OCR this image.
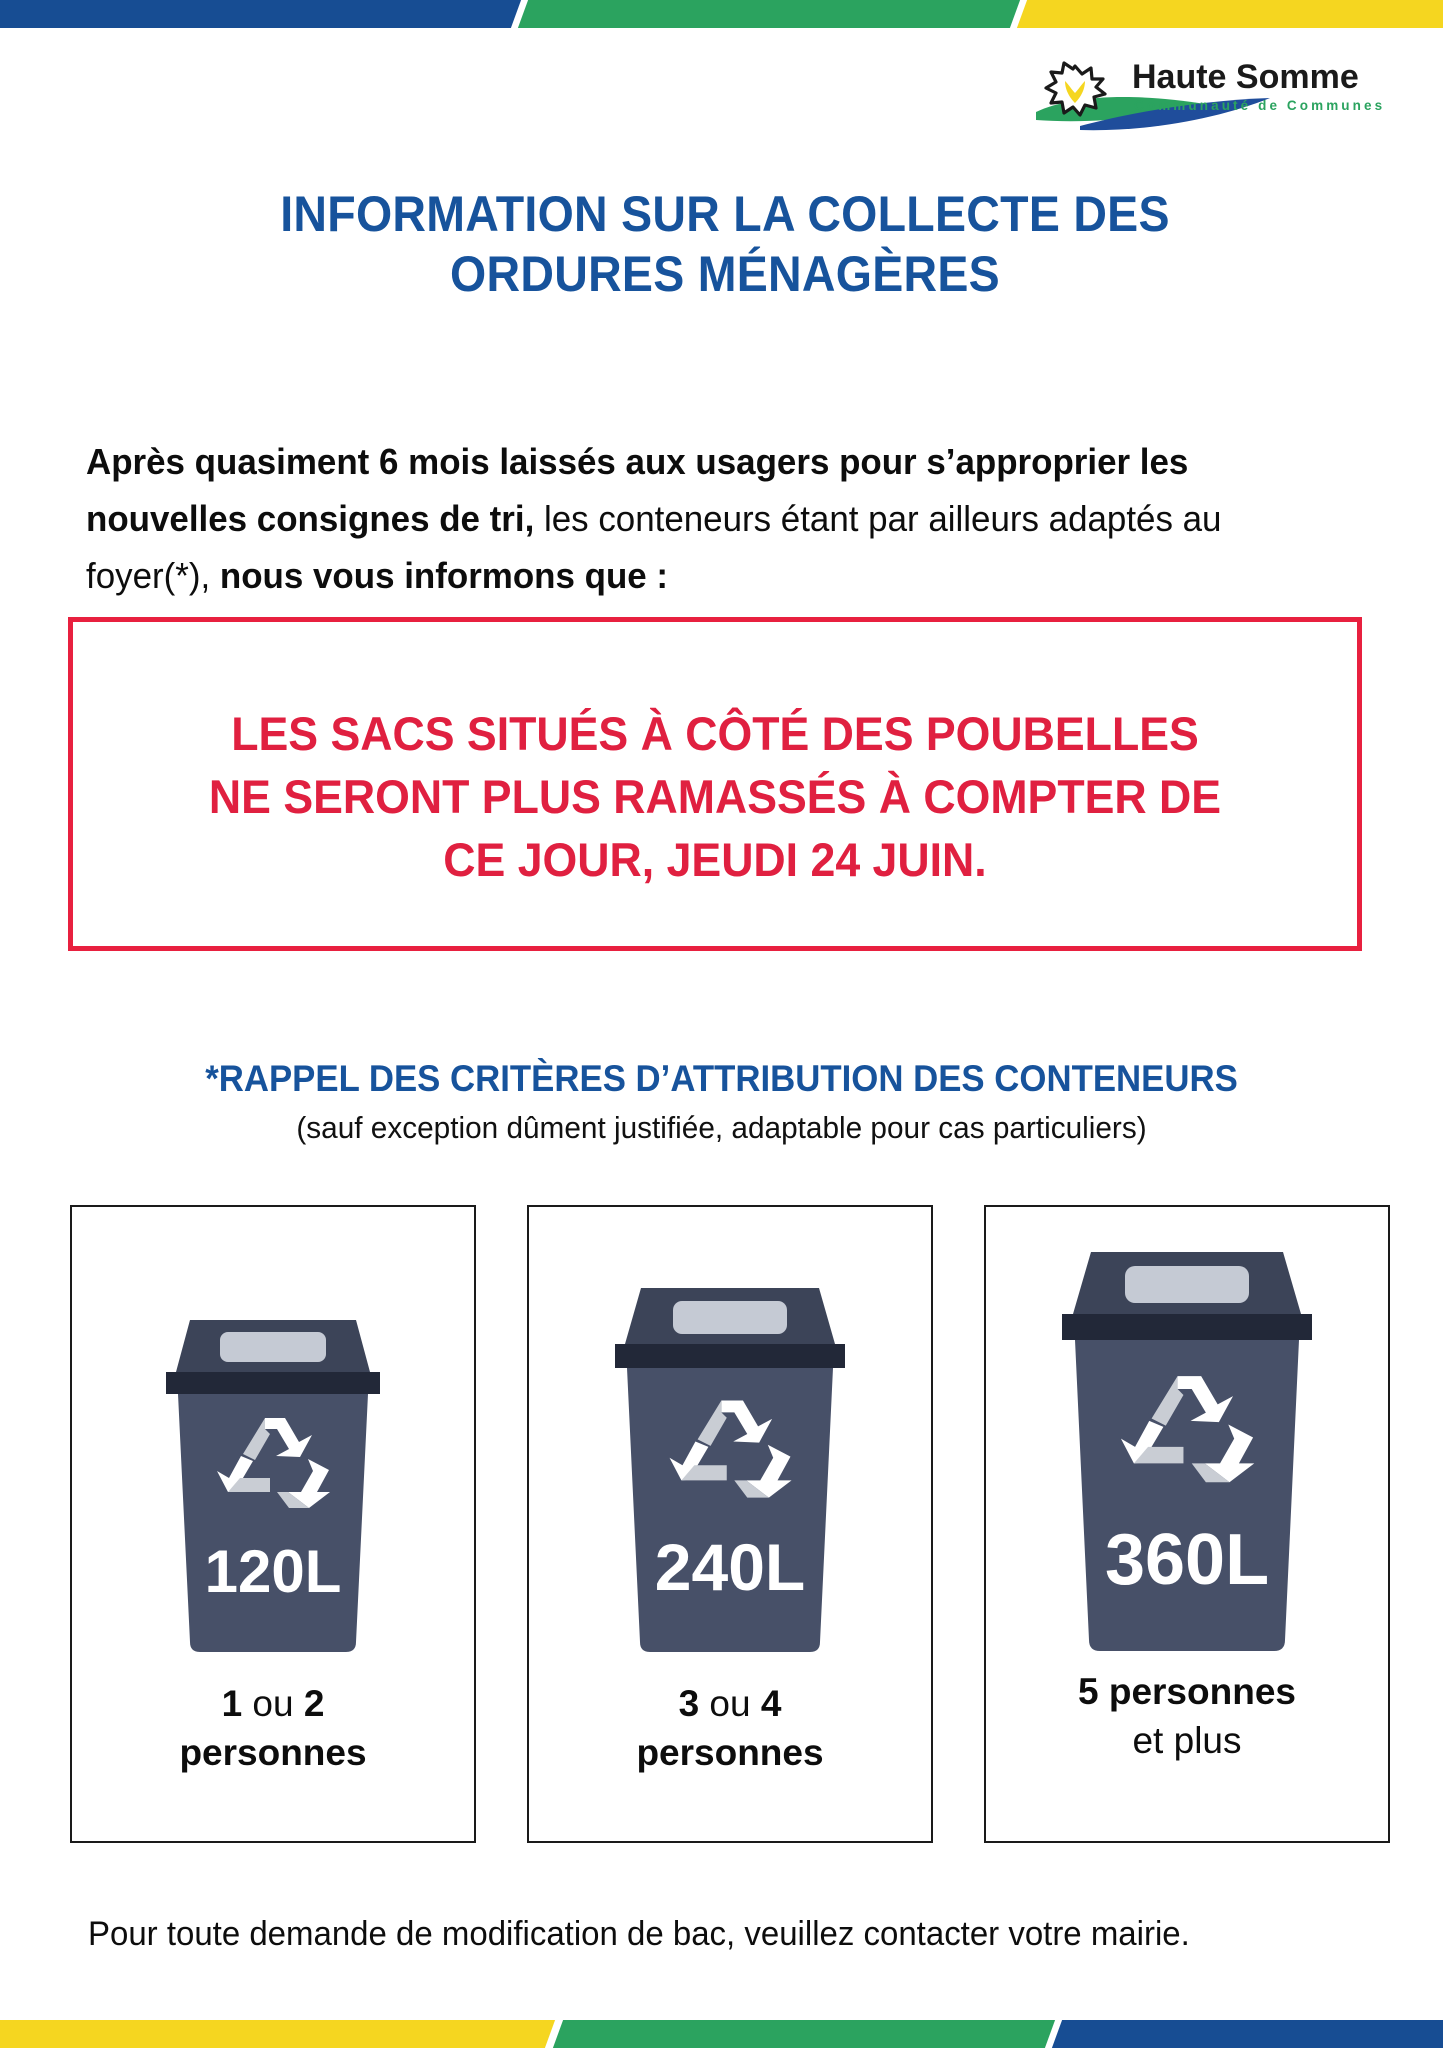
Haute Somme
Communauté de Communes
INFORMATION SUR LA COLLECTE DES
ORDURES MÉNAGÈRES

Après quasiment 6 mois laissés aux usagers pour s’approprier les nouvelles consignes de tri, les conteneurs étant par ailleurs adaptés au foyer(*), nous vous informons que :

LES SACS SITUÉS À CÔTÉ DES POUBELLES
NE SERONT PLUS RAMASSÉS À COMPTER DE
CE JOUR, JEUDI 24 JUIN.
*RAPPEL DES CRITÈRES D’ATTRIBUTION DES CONTENEURS
(sauf exception dûment justifiée, adaptable pour cas particuliers)
120L
1 ou 2
personnes
240L
3 ou 4
personnes
360L
5 personnes
et plus
Pour toute demande de modification de bac, veuillez contacter votre mairie.
